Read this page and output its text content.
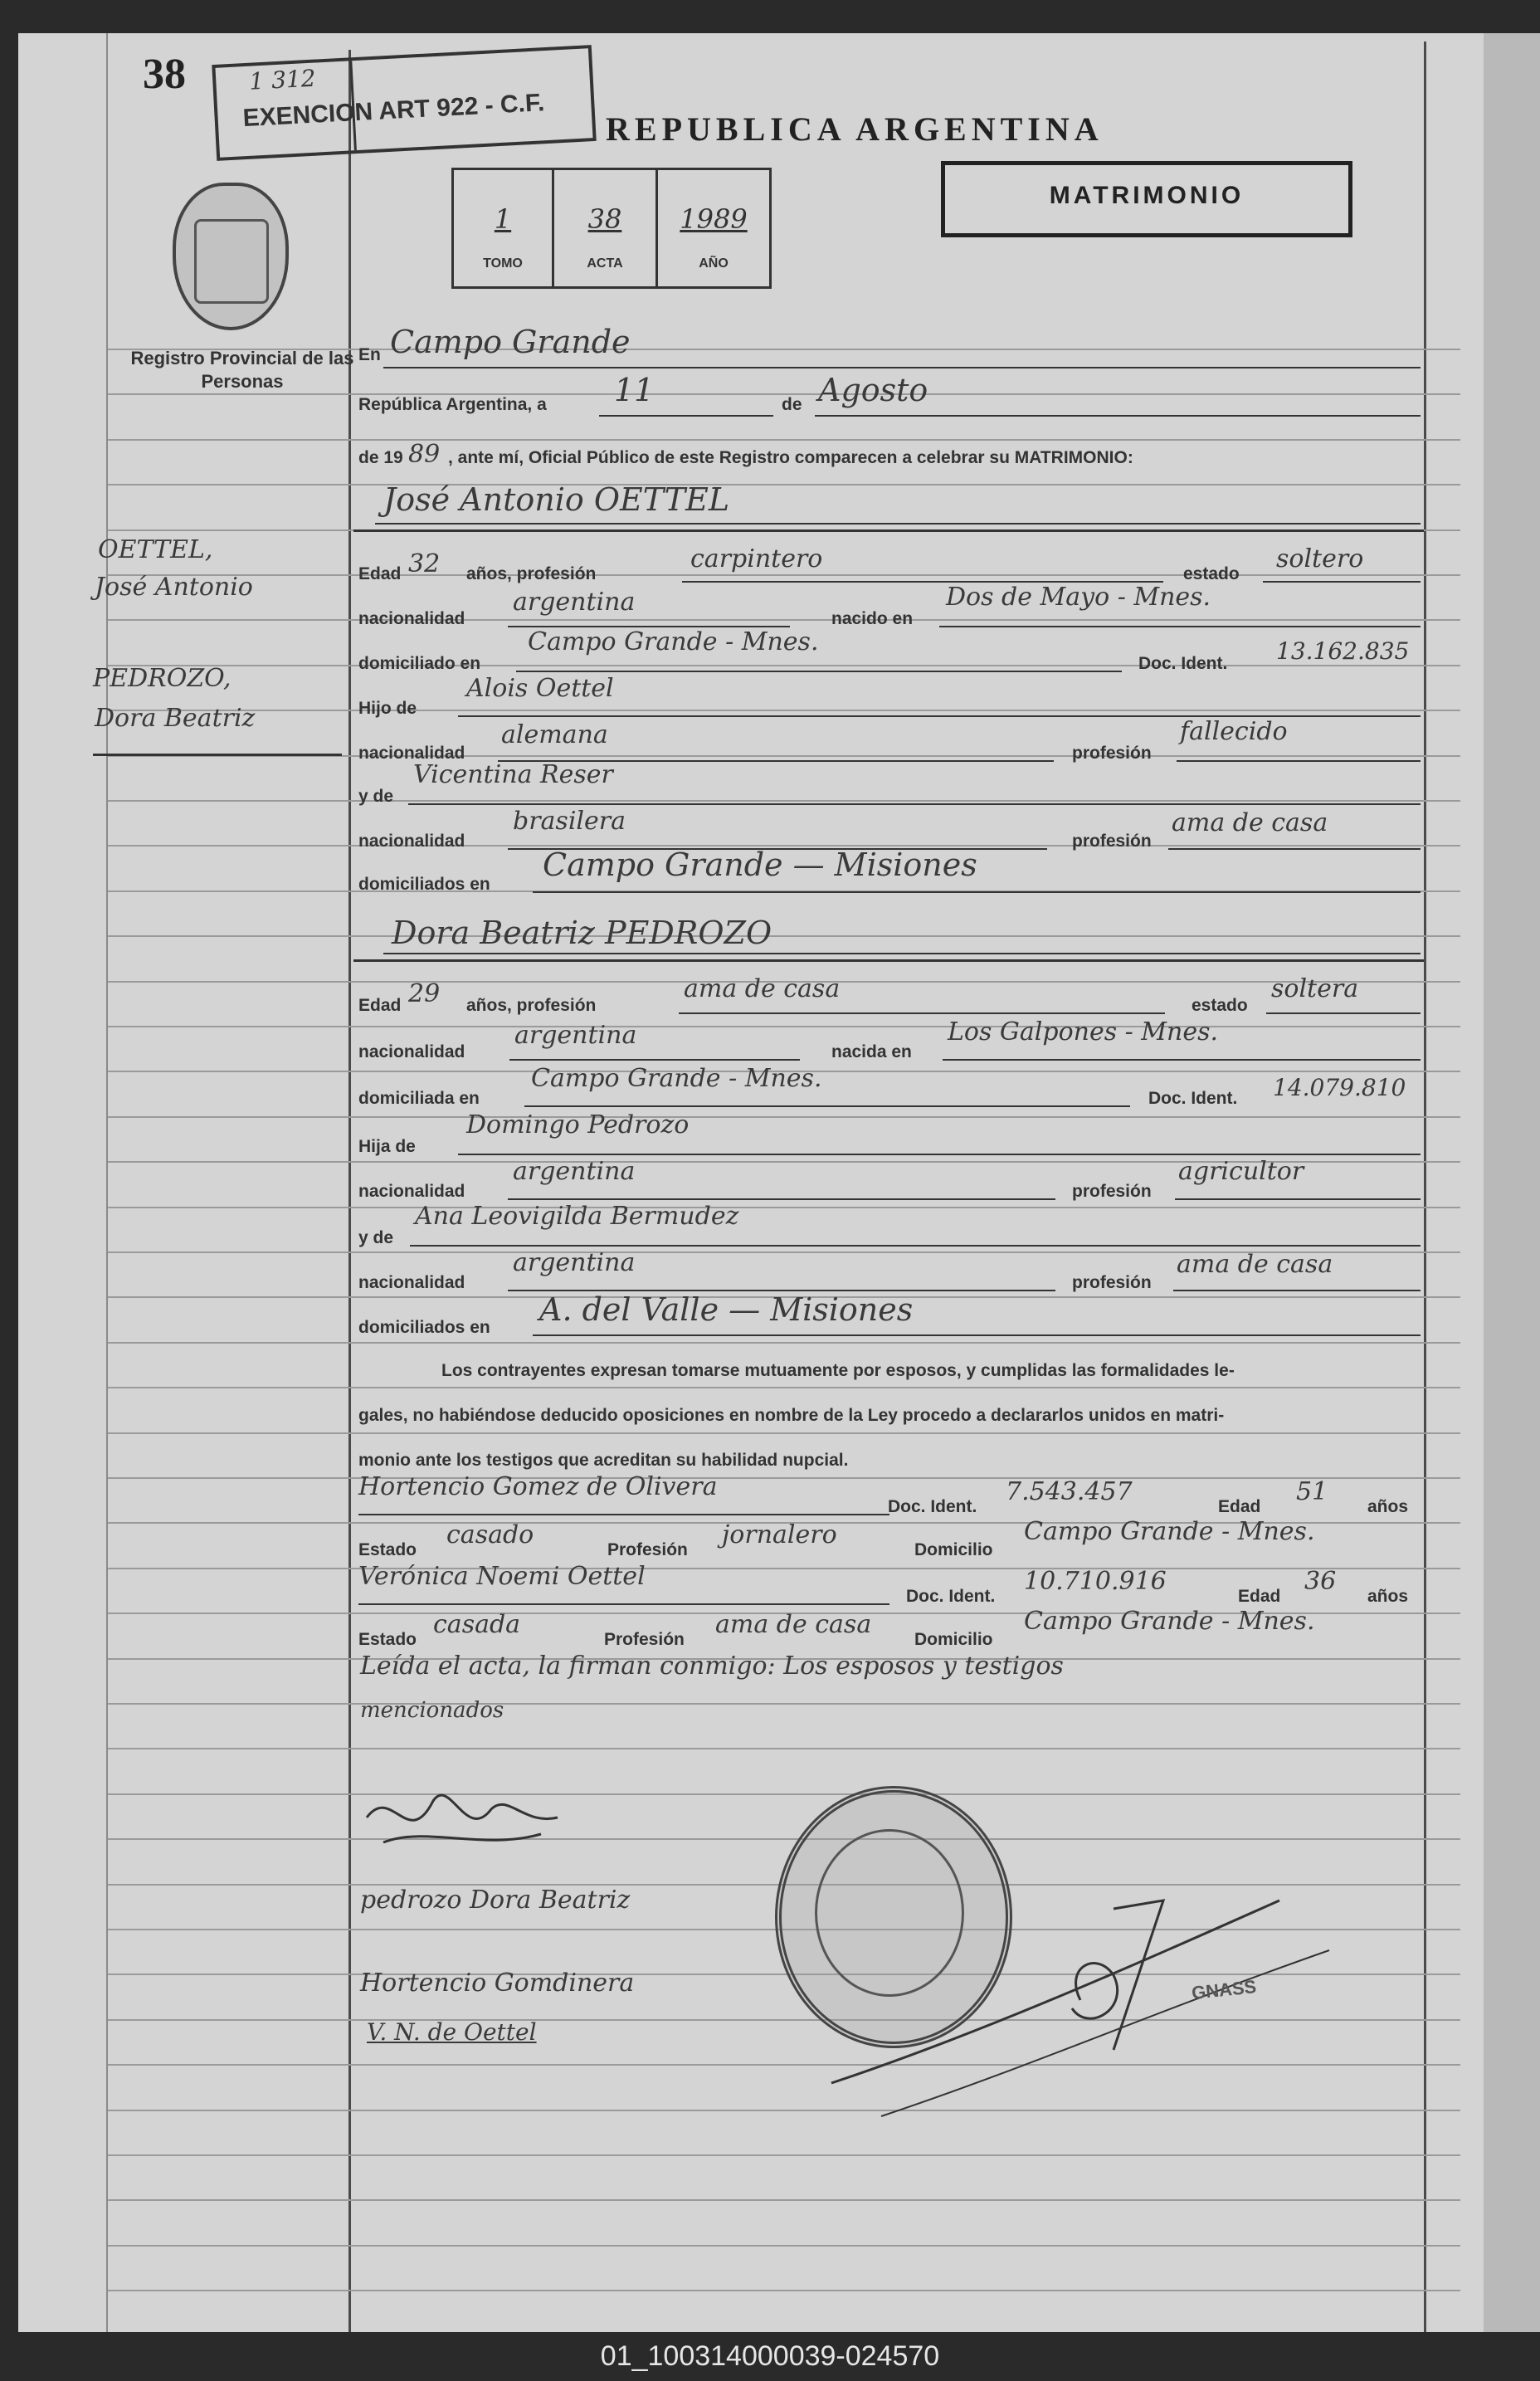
38	1 312
EXENCION ART 922 - C.F. REPUBLICA ARGENTINA
MATRIMONIO
1
TOMO
38
ACTA
1989
AÑO
Registro Provincial de las Personas
OETTEL,
José Antonio
PEDROZO,
Dora Beatriz
En Campo Grande
República Argentina, a 11	de Agosto
de 19 89 , ante mí, Oficial Público de este Registro comparecen a celebrar su MATRIMONIO:
José Antonio OETTEL
Edad 32 años, profesión
carpintero
estado
soltero
nacionalidad
argentina
nacido en
Dos de Mayo - Mnes.
domiciliado en
Campo Grande - Mnes.
Doc. Ident. 13.162.835
Hijo de
Alois Oettel
nacionalidad
alemana
profesión
fallecido
y de
Vicentina Reser
nacionalidad
brasilera
profesión
ama de casa
domiciliados en
Campo Grande — Misiones
Dora Beatriz PEDROZO
Edad 29 años, profesión
ama de casa
estado
soltera
nacionalidad
argentina
nacida en
Los Galpones - Mnes.
domiciliada en
Campo Grande - Mnes.
Doc. Ident. 14.079.810
Hija de
Domingo Pedrozo
nacionalidad
argentina
profesión
agricultor
y de
Ana Leovigilda Bermudez
nacionalidad
argentina
profesión
ama de casa
domiciliados en A. del Valle — Misiones
Los contrayentes expresan tomarse mutuamente por esposos, y cumplidas las formalidades le-
gales, no habiéndose deducido oposiciones en nombre de la Ley procedo a declararlos unidos en matri-
monio ante los testigos que acreditan su habilidad nupcial.
Hortencio Gomez de Olivera
Doc. Ident.
7.543.457
Edad
51
años
Estado
casado
Profesión
jornalero
Domicilio
Campo Grande - Mnes.
Verónica Noemi Oettel
Doc. Ident.
10.710.916
Edad
36
años
Estado
casada
Profesión
ama de casa
Domicilio
Campo Grande - Mnes.
Leída el acta, la firman conmigo: Los esposos y testigos
mencionados
pedrozo Dora Beatriz
Hortencio Gomdinera
V. N. de Oettel
GNASS
01_100314000039-024570
